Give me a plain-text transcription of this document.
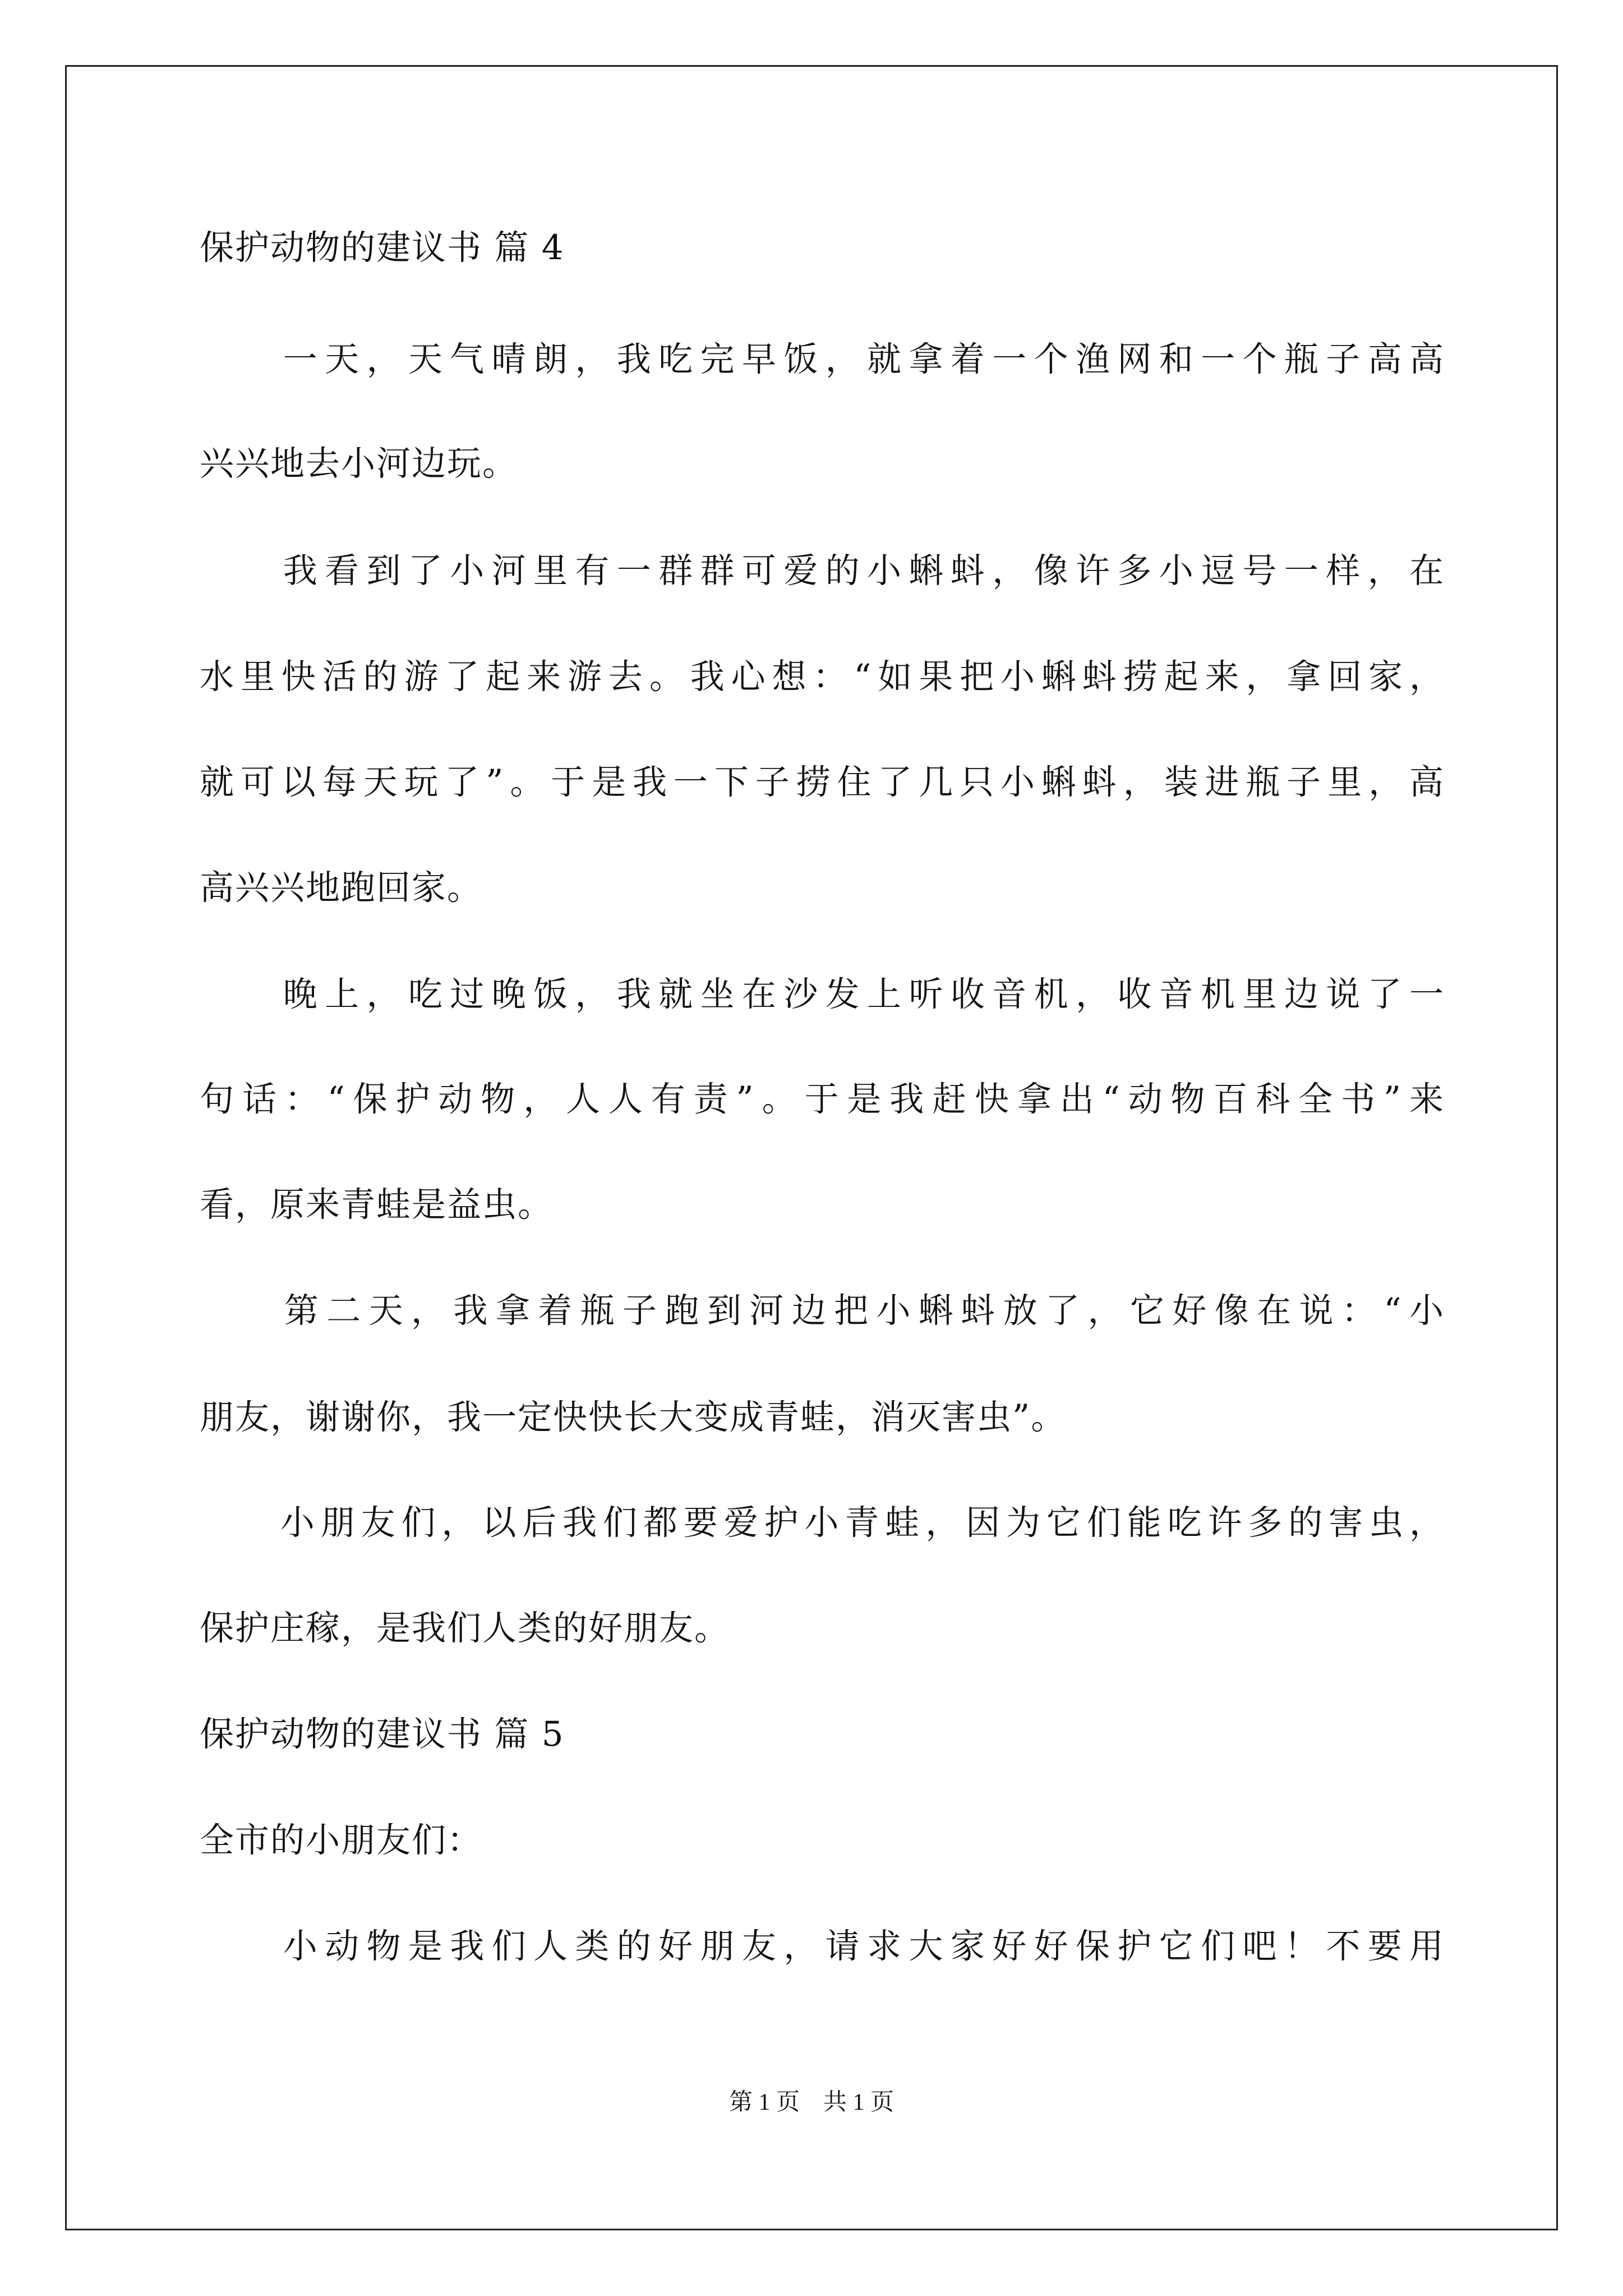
保护动物的建议书 篇 4
　　一天，天气晴朗，我吃完早饭，就拿着一个渔网和一个瓶子高高
兴兴地去小河边玩。
　　我看到了小河里有一群群可爱的小蝌蚪，像许多小逗号一样，在
水里快活的游了起来游去。我心想：“如果把小蝌蚪捞起来，拿回家，
就可以每天玩了”。于是我一下子捞住了几只小蝌蚪，装进瓶子里，高
高兴兴地跑回家。
　　晚上，吃过晚饭，我就坐在沙发上听收音机，收音机里边说了一
句话：“保护动物，人人有责”。于是我赶快拿出“动物百科全书”来
看，原来青蛙是益虫。
　　第二天，我拿着瓶子跑到河边把小蝌蚪放了，它好像在说：“小
朋友，谢谢你，我一定快快长大变成青蛙，消灭害虫”。
　　小朋友们，以后我们都要爱护小青蛙，因为它们能吃许多的害虫，
保护庄稼，是我们人类的好朋友。
保护动物的建议书 篇 5
全市的小朋友们：
　　小动物是我们人类的好朋友，请求大家好好保护它们吧！不要用
第 1 页    共 1 页
